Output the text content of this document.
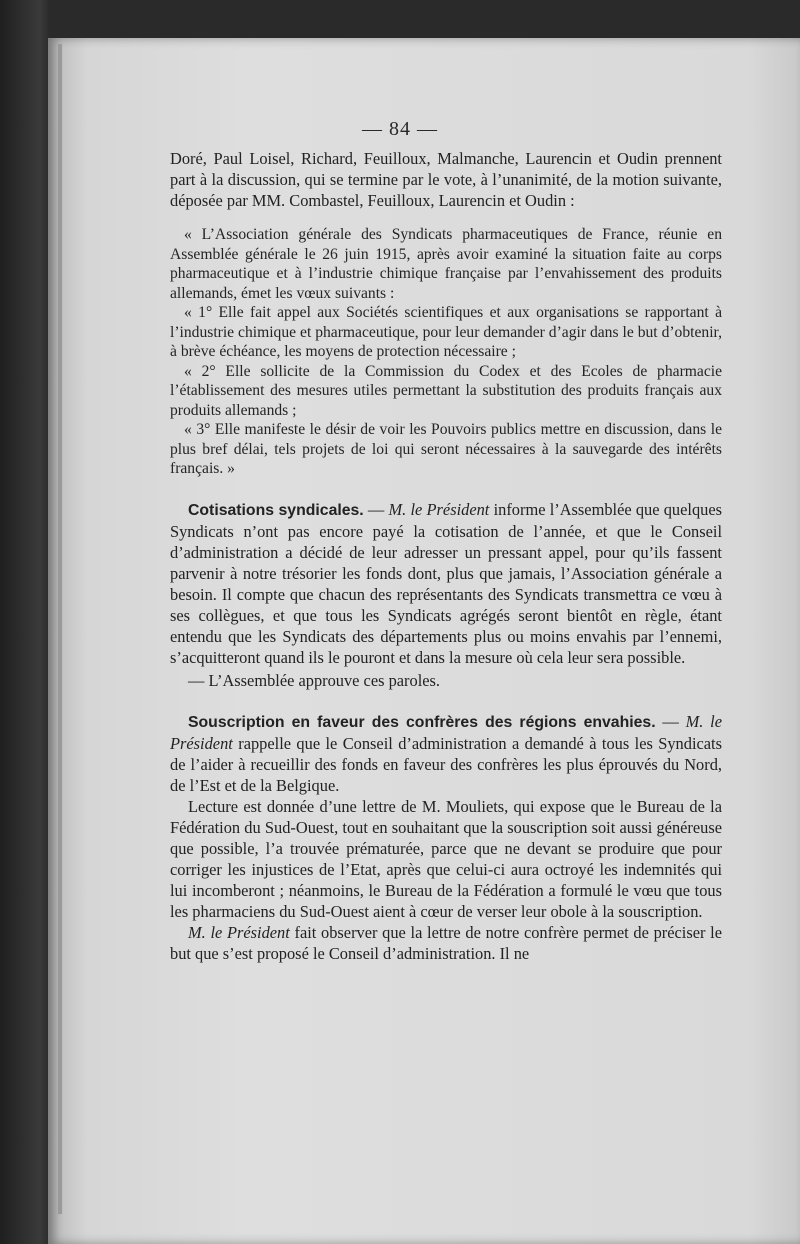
— 84 —

Doré, Paul Loisel, Richard, Feuilloux, Malmanche, Laurencin et Oudin prennent part à la discussion, qui se termine par le vote, à l’unanimité, de la motion suivante, déposée par MM. Combastel, Feuilloux, Laurencin et Oudin :

« L’Association générale des Syndicats pharmaceutiques de France, réunie en Assemblée générale le 26 juin 1915, après avoir examiné la situation faite au corps pharmaceutique et à l’industrie chimique française par l’envahissement des produits allemands, émet les vœux suivants :

« 1° Elle fait appel aux Sociétés scientifiques et aux organisations se rapportant à l’industrie chimique et pharmaceutique, pour leur demander d’agir dans le but d’obtenir, à brève échéance, les moyens de protection nécessaire ;

« 2° Elle sollicite de la Commission du Codex et des Ecoles de pharmacie l’établissement des mesures utiles permettant la substitution des produits français aux produits allemands ;

« 3° Elle manifeste le désir de voir les Pouvoirs publics mettre en discussion, dans le plus bref délai, tels projets de loi qui seront nécessaires à la sauvegarde des intérêts français. »

Cotisations syndicales. — M. le Président informe l’Assemblée que quelques Syndicats n’ont pas encore payé la cotisation de l’année, et que le Conseil d’administration a décidé de leur adresser un pressant appel, pour qu’ils fassent parvenir à notre trésorier les fonds dont, plus que jamais, l’Association générale a besoin. Il compte que chacun des représentants des Syndicats transmettra ce vœu à ses collègues, et que tous les Syndicats agrégés seront bientôt en règle, étant entendu que les Syndicats des départements plus ou moins envahis par l’ennemi, s’acquitteront quand ils le pouront et dans la mesure où cela leur sera possible.

— L’Assemblée approuve ces paroles.

Souscription en faveur des confrères des régions envahies. — M. le Président rappelle que le Conseil d’administration a demandé à tous les Syndicats de l’aider à recueillir des fonds en faveur des confrères les plus éprouvés du Nord, de l’Est et de la Belgique.

Lecture est donnée d’une lettre de M. Mouliets, qui expose que le Bureau de la Fédération du Sud-Ouest, tout en souhaitant que la souscription soit aussi généreuse que possible, l’a trouvée prématurée, parce que ne devant se produire que pour corriger les injustices de l’Etat, après que celui-ci aura octroyé les indemnités qui lui incomberont ; néanmoins, le Bureau de la Fédération a formulé le vœu que tous les pharmaciens du Sud-Ouest aient à cœur de verser leur obole à la souscription.

M. le Président fait observer que la lettre de notre confrère permet de préciser le but que s’est proposé le Conseil d’administration. Il ne
